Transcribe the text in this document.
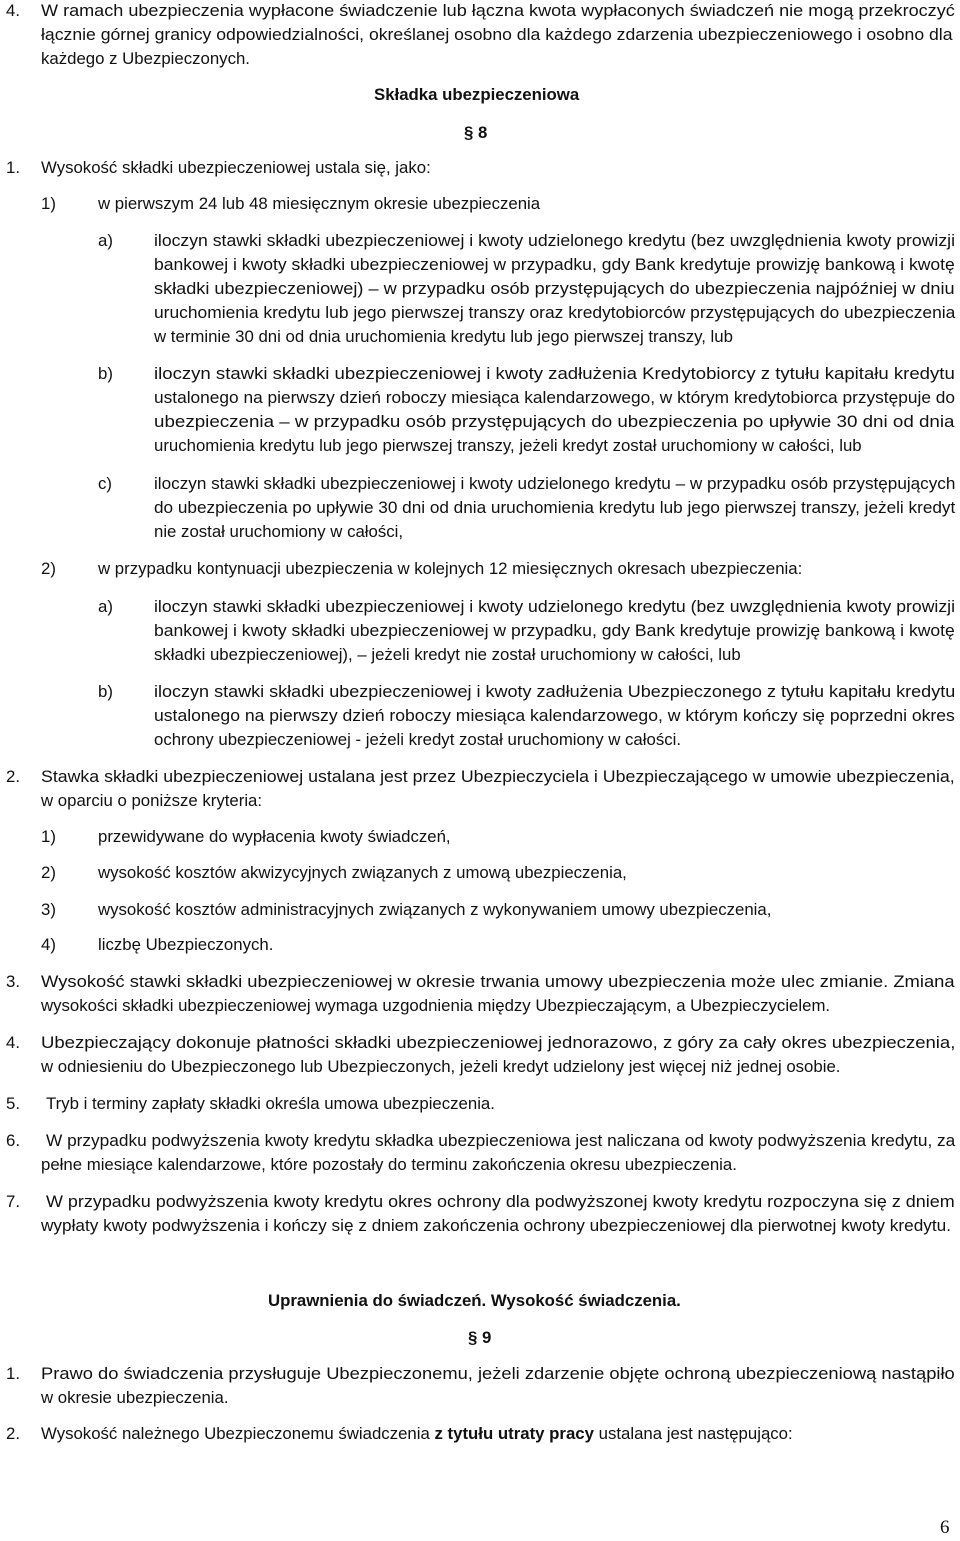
4. W ramach ubezpieczenia wypłacone świadczenie lub łączna kwota wypłaconych świadczeń nie mogą przekroczyć

łącznie górnej granicy odpowiedzialności, określanej osobno dla każdego zdarzenia ubezpieczeniowego i osobno dla

każdego z Ubezpieczonych.

Składka ubezpieczeniowa

§ 8

1. Wysokość składki ubezpieczeniowej ustala się, jako:

1)	w pierwszym 24 lub 48 miesięcznym okresie ubezpieczenia

a) iloczyn stawki składki ubezpieczeniowej i kwoty udzielonego kredytu (bez uwzględnienia kwoty prowizji

bankowej i kwoty składki ubezpieczeniowej w przypadku, gdy Bank kredytuje prowizję bankową i kwotę

składki ubezpieczeniowej) – w przypadku osób przystępujących do ubezpieczenia najpóźniej w dniu

uruchomienia kredytu lub jego pierwszej transzy oraz kredytobiorców przystępujących do ubezpieczenia

w terminie 30 dni od dnia uruchomienia kredytu lub jego pierwszej transzy, lub

b) iloczyn stawki składki ubezpieczeniowej i kwoty zadłużenia Kredytobiorcy z tytułu kapitału kredytu

ustalonego na pierwszy dzień roboczy miesiąca kalendarzowego, w którym kredytobiorca przystępuje do

ubezpieczenia – w przypadku osób przystępujących do ubezpieczenia po upływie 30 dni od dnia

uruchomienia kredytu lub jego pierwszej transzy, jeżeli kredyt został uruchomiony w całości, lub

c)	iloczyn stawki składki ubezpieczeniowej i kwoty udzielonego kredytu – w przypadku osób przystępujących

do ubezpieczenia po upływie 30 dni od dnia uruchomienia kredytu lub jego pierwszej transzy, jeżeli kredyt

nie został uruchomiony w całości,

2)	w przypadku kontynuacji ubezpieczenia w kolejnych 12 miesięcznych okresach ubezpieczenia:

a) iloczyn stawki składki ubezpieczeniowej i kwoty udzielonego kredytu (bez uwzględnienia kwoty prowizji

bankowej i kwoty składki ubezpieczeniowej w przypadku, gdy Bank kredytuje prowizję bankową i kwotę

składki ubezpieczeniowej), – jeżeli kredyt nie został uruchomiony w całości, lub

b) iloczyn stawki składki ubezpieczeniowej i kwoty zadłużenia Ubezpieczonego z tytułu kapitału kredytu

ustalonego na pierwszy dzień roboczy miesiąca kalendarzowego, w którym kończy się poprzedni okres

ochrony ubezpieczeniowej - jeżeli kredyt został uruchomiony w całości.

2. Stawka składki ubezpieczeniowej ustalana jest przez Ubezpieczyciela i Ubezpieczającego w umowie ubezpieczenia,

w oparciu o poniższe kryteria:

1)	przewidywane do wypłacenia kwoty świadczeń,

2)	wysokość kosztów akwizycyjnych związanych z umową ubezpieczenia,

3)	wysokość kosztów administracyjnych związanych z wykonywaniem umowy ubezpieczenia,

4)	liczbę Ubezpieczonych.

3. Wysokość stawki składki ubezpieczeniowej w okresie trwania umowy ubezpieczenia może ulec zmianie. Zmiana

wysokości składki ubezpieczeniowej wymaga uzgodnienia między Ubezpieczającym, a Ubezpieczycielem.

4. Ubezpieczający dokonuje płatności składki ubezpieczeniowej jednorazowo, z góry za cały okres ubezpieczenia,

w odniesieniu do Ubezpieczonego lub Ubezpieczonych, jeżeli kredyt udzielony jest więcej niż jednej osobie.

5. Tryb i terminy zapłaty składki określa umowa ubezpieczenia.

6. W przypadku podwyższenia kwoty kredytu składka ubezpieczeniowa jest naliczana od kwoty podwyższenia kredytu, za

pełne miesiące kalendarzowe, które pozostały do terminu zakończenia okresu ubezpieczenia.

7. W przypadku podwyższenia kwoty kredytu okres ochrony dla podwyższonej kwoty kredytu rozpoczyna się z dniem

wypłaty kwoty podwyższenia i kończy się z dniem zakończenia ochrony ubezpieczeniowej dla pierwotnej kwoty kredytu.

Uprawnienia do świadczeń. Wysokość świadczenia.

§ 9

1. Prawo do świadczenia przysługuje Ubezpieczonemu, jeżeli zdarzenie objęte ochroną ubezpieczeniową nastąpiło

w okresie ubezpieczenia.

2. Wysokość należnego Ubezpieczonemu świadczenia z tytułu utraty pracy ustalana jest następująco:

6
